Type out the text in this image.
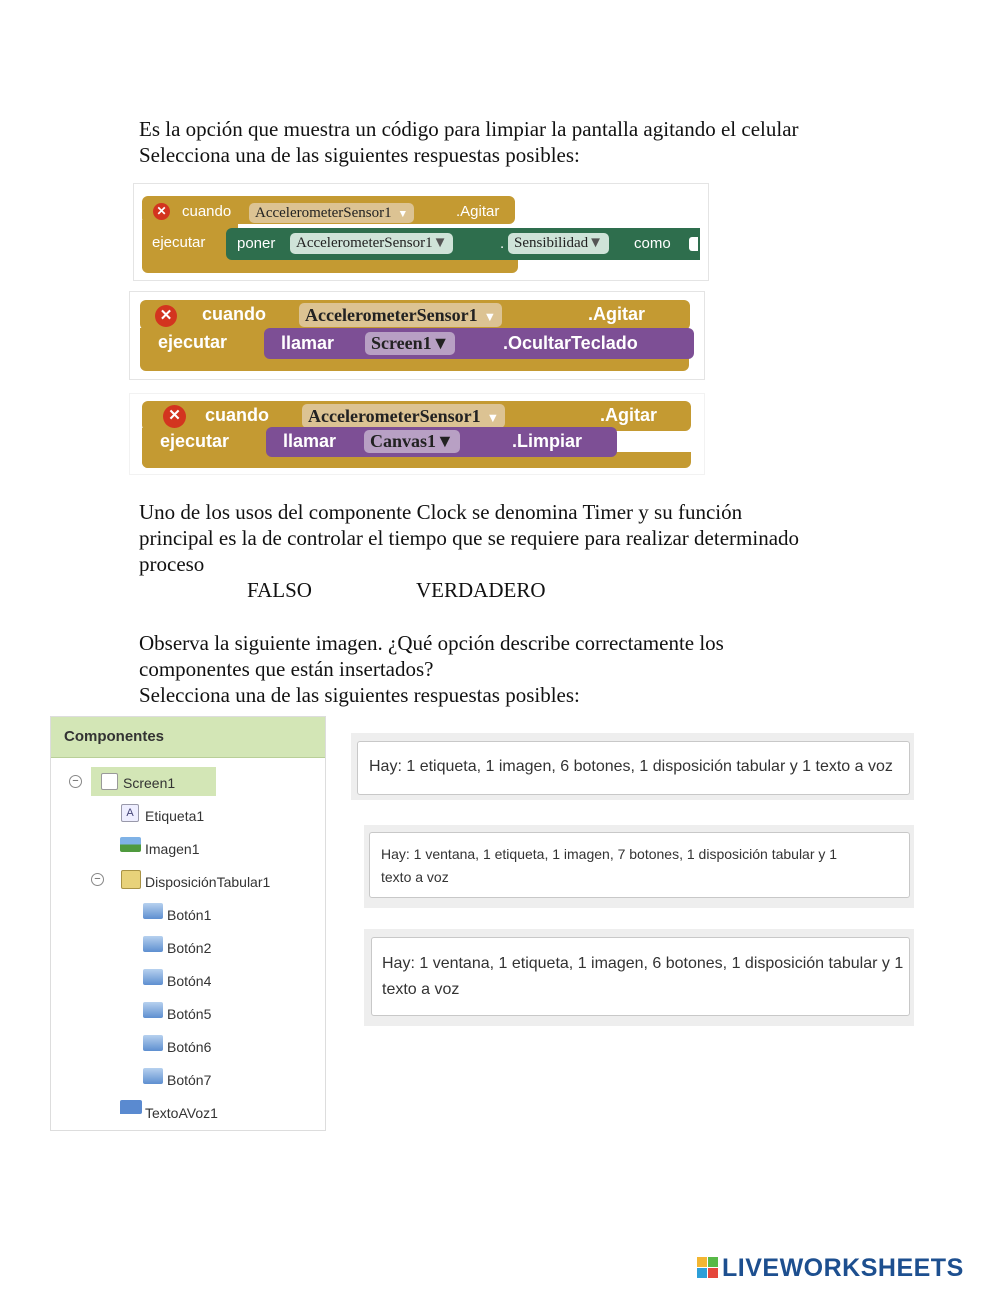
Es la opción que muestra un código para limpiar la pantalla agitando el celular
Selecciona una de las siguientes respuestas posibles:
✕ cuando	AccelerometerSensor1 ▼	.Agitar
ejecutar poner	AccelerometerSensor1▼	. Sensibilidad▼	como
✕ cuando	AccelerometerSensor1 ▼	.Agitar
ejecutar	llamar	Screen1▼	.OcultarTeclado
✕ cuando	AccelerometerSensor1 ▼	.Agitar
ejecutar	llamar	Canvas1▼	.Limpiar
Uno de los usos del componente Clock se denomina Timer y su función
principal es la de controlar el tiempo que se requiere para realizar determinado
proceso
FALSO	VERDADERO
Observa la siguiente imagen. ¿Qué opción describe correctamente los
componentes que están insertados?
Selecciona una de las siguientes respuestas posibles:
Componentes
−	Screen1
A Etiqueta1
Imagen1
−	DisposiciónTabular1
Botón1
Botón2
Botón4
Botón5
Botón6
Botón7
TextoAVoz1
Hay: 1 etiqueta, 1 imagen, 6 botones, 1 disposición tabular y 1 texto a voz
Hay: 1 ventana, 1 etiqueta, 1 imagen, 7 botones, 1 disposición tabular y 1
texto a voz
Hay: 1 ventana, 1 etiqueta, 1 imagen, 6 botones, 1 disposición tabular y 1
texto a voz
LIVEWORKSHEETS
